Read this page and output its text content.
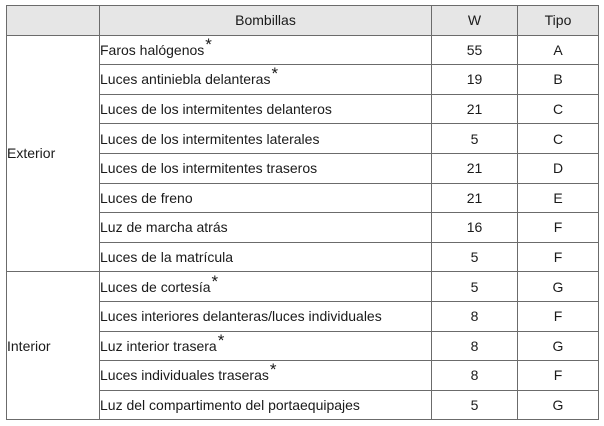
	Bombillas	W	Tipo
Exterior	Faros halógenos*	55	A
	Luces antiniebla delanteras*	19	B
	Luces de los intermitentes delanteros	21	C
	Luces de los intermitentes laterales	5	C
	Luces de los intermitentes traseros	21	D
	Luces de freno	21	E
	Luz de marcha atrás	16	F
	Luces de la matrícula	5	F
Interior	Luces de cortesía*	5	G
	Luces interiores delanteras/luces individuales	8	F
	Luz interior trasera*	8	G
	Luces individuales traseras*	8	F
	Luz del compartimento del portaequipajes	5	G
